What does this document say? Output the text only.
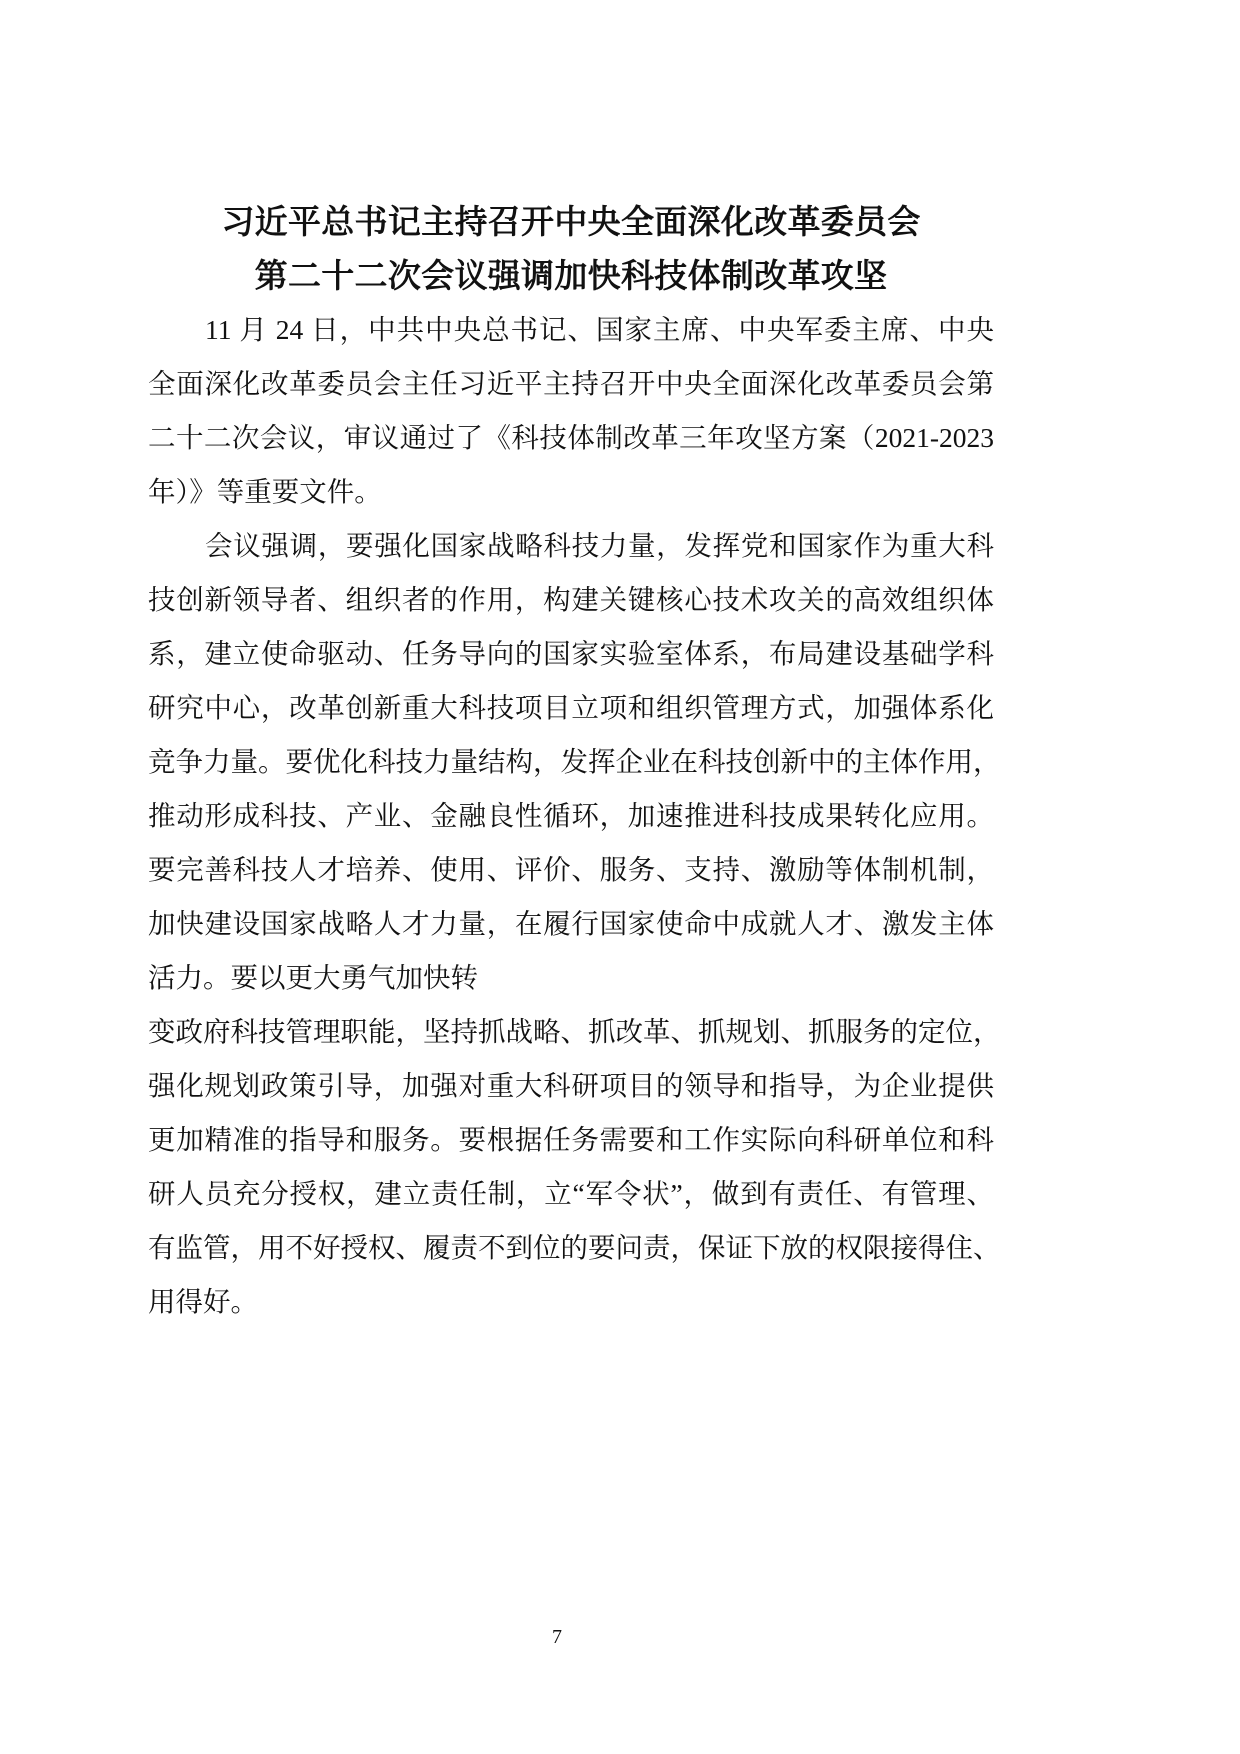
习近平总书记主持召开中央全面深化改革委员会
第二十二次会议强调加快科技体制改革攻坚
11 月 24 日，中共中央总书记、国家主席、中央军委主席、中央
全面深化改革委员会主任习近平主持召开中央全面深化改革委员会第
二十二次会议，审议通过了《科技体制改革三年攻坚方案（2021-2023
年）》等重要文件。
会议强调，要强化国家战略科技力量，发挥党和国家作为重大科
技创新领导者、组织者的作用，构建关键核心技术攻关的高效组织体
系，建立使命驱动、任务导向的国家实验室体系，布局建设基础学科
研究中心，改革创新重大科技项目立项和组织管理方式，加强体系化
竞争力量。要优化科技力量结构，发挥企业在科技创新中的主体作用，
推动形成科技、产业、金融良性循环，加速推进科技成果转化应用。
要完善科技人才培养、使用、评价、服务、支持、激励等体制机制，
加快建设国家战略人才力量，在履行国家使命中成就人才、激发主体
活力。要以更大勇气加快转
变政府科技管理职能，坚持抓战略、抓改革、抓规划、抓服务的定位，
强化规划政策引导，加强对重大科研项目的领导和指导，为企业提供
更加精准的指导和服务。要根据任务需要和工作实际向科研单位和科
研人员充分授权，建立责任制，立“军令状”，做到有责任、有管理、
有监管，用不好授权、履责不到位的要问责，保证下放的权限接得住、
用得好。
7
